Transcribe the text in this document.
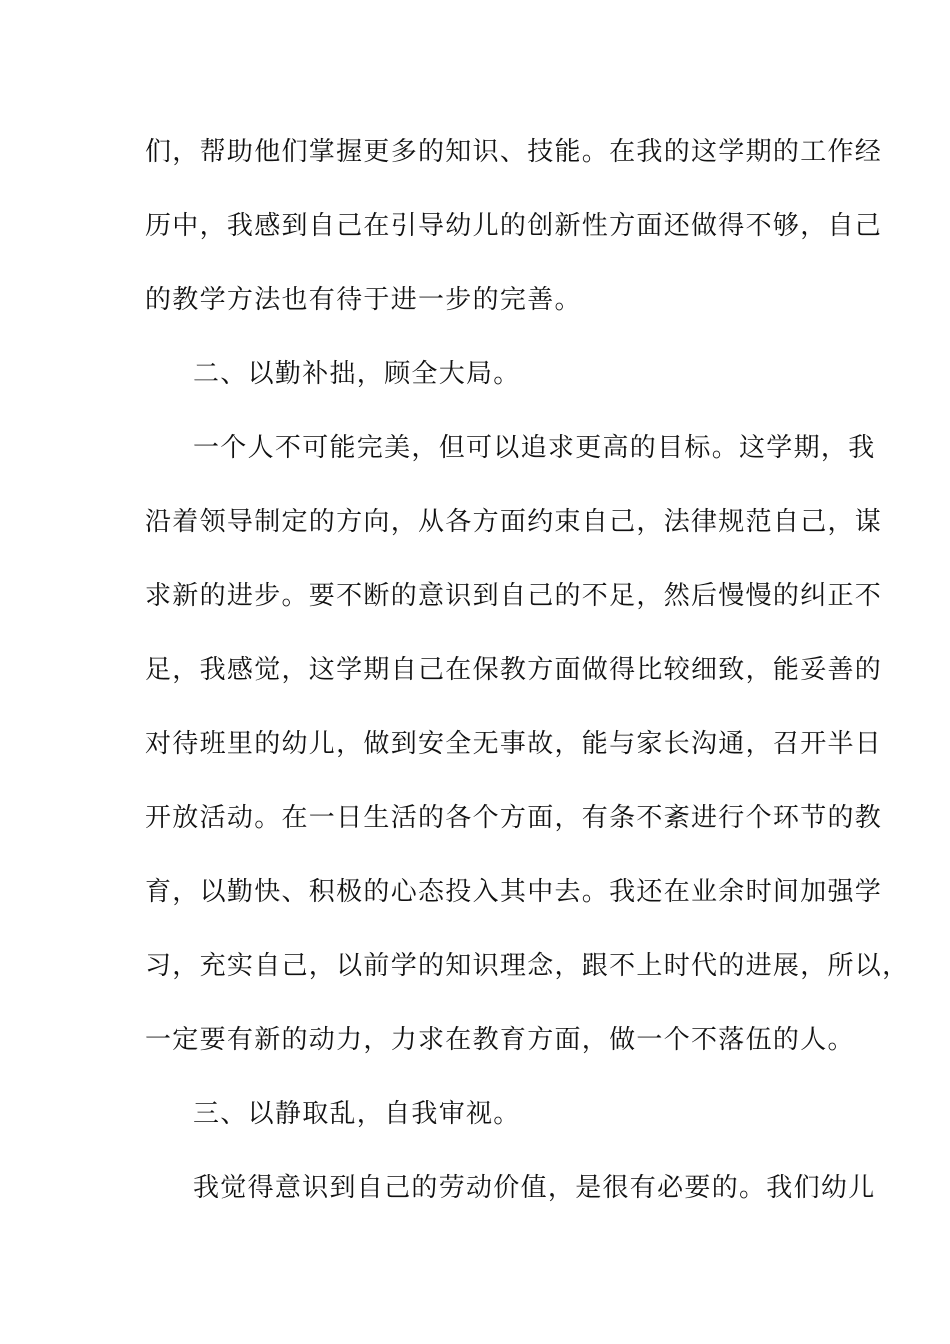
们，帮助他们掌握更多的知识、技能。在我的这学期的工作经
历中，我感到自己在引导幼儿的创新性方面还做得不够，自己
的教学方法也有待于进一步的完善。
二、以勤补拙，顾全大局。
一个人不可能完美，但可以追求更高的目标。这学期，我
沿着领导制定的方向，从各方面约束自己，法律规范自己，谋
求新的进步。要不断的意识到自己的不足，然后慢慢的纠正不
足，我感觉，这学期自己在保教方面做得比较细致，能妥善的
对待班里的幼儿，做到安全无事故，能与家长沟通，召开半日
开放活动。在一日生活的各个方面，有条不紊进行个环节的教
育，以勤快、积极的心态投入其中去。我还在业余时间加强学
习，充实自己，以前学的知识理念，跟不上时代的进展，所以，
一定要有新的动力，力求在教育方面，做一个不落伍的人。
三、以静取乱，自我审视。
我觉得意识到自己的劳动价值，是很有必要的。我们幼儿
